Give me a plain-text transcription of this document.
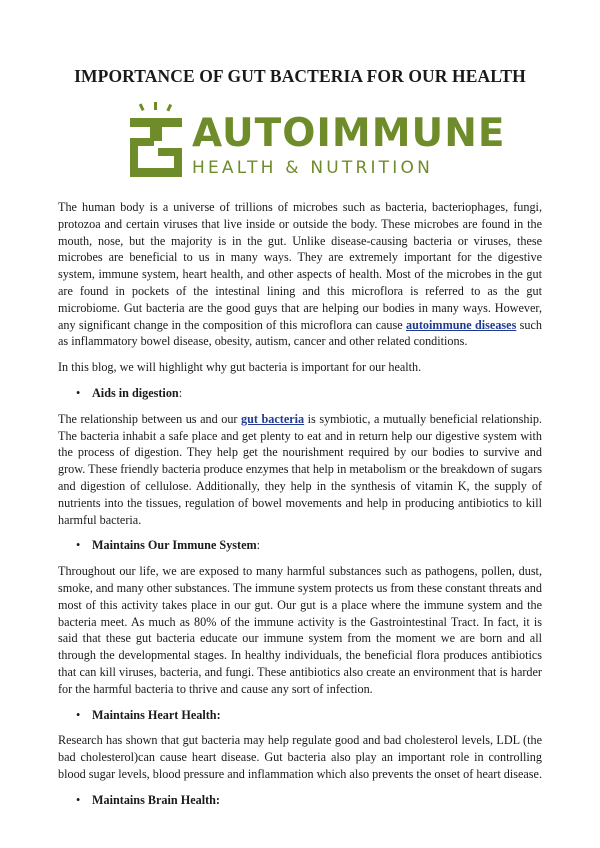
IMPORTANCE OF GUT BACTERIA FOR OUR HEALTH
AUTOIMMUNE
HEALTH & NUTRITION

The human body is a universe of trillions of microbes such as bacteria, bacteriophages, fungi, protozoa and certain viruses that live inside or outside the body. These microbes are found in the mouth, nose, but the majority is in the gut. Unlike disease-causing bacteria or viruses, these microbes are beneficial to us in many ways. They are extremely important for the digestive system, immune system, heart health, and other aspects of health. Most of the microbes in the gut are found in pockets of the intestinal lining and this microflora is referred to as the gut microbiome. Gut bacteria are the good guys that are helping our bodies in many ways. However, any significant change in the composition of this microflora can cause autoimmune diseases such as inflammatory bowel disease, obesity, autism, cancer and other related conditions.

In this blog, we will highlight why gut bacteria is important for our health.

• Aids in digestion:

The relationship between us and our gut bacteria is symbiotic, a mutually beneficial relationship. The bacteria inhabit a safe place and get plenty to eat and in return help our digestive system with the process of digestion. They help get the nourishment required by our bodies to survive and grow. These friendly bacteria produce enzymes that help in metabolism or the breakdown of sugars and digestion of cellulose. Additionally, they help in the synthesis of vitamin K, the supply of nutrients into the tissues, regulation of bowel movements and help in producing antibiotics to kill harmful bacteria.

• Maintains Our Immune System:

Throughout our life, we are exposed to many harmful substances such as pathogens, pollen, dust, smoke, and many other substances. The immune system protects us from these constant threats and most of this activity takes place in our gut. Our gut is a place where the immune system and the bacteria meet. As much as 80% of the immune activity is the Gastrointestinal Tract. In fact, it is said that these gut bacteria educate our immune system from the moment we are born and all through the developmental stages. In healthy individuals, the beneficial flora produces antibiotics that can kill viruses, bacteria, and fungi. These antibiotics also create an environment that is harder for the harmful bacteria to thrive and cause any sort of infection.

• Maintains Heart Health:

Research has shown that gut bacteria may help regulate good and bad cholesterol levels, LDL (the bad cholesterol)can cause heart disease. Gut bacteria also play an important role in controlling blood sugar levels, blood pressure and inflammation which also prevents the onset of heart disease.

• Maintains Brain Health:
